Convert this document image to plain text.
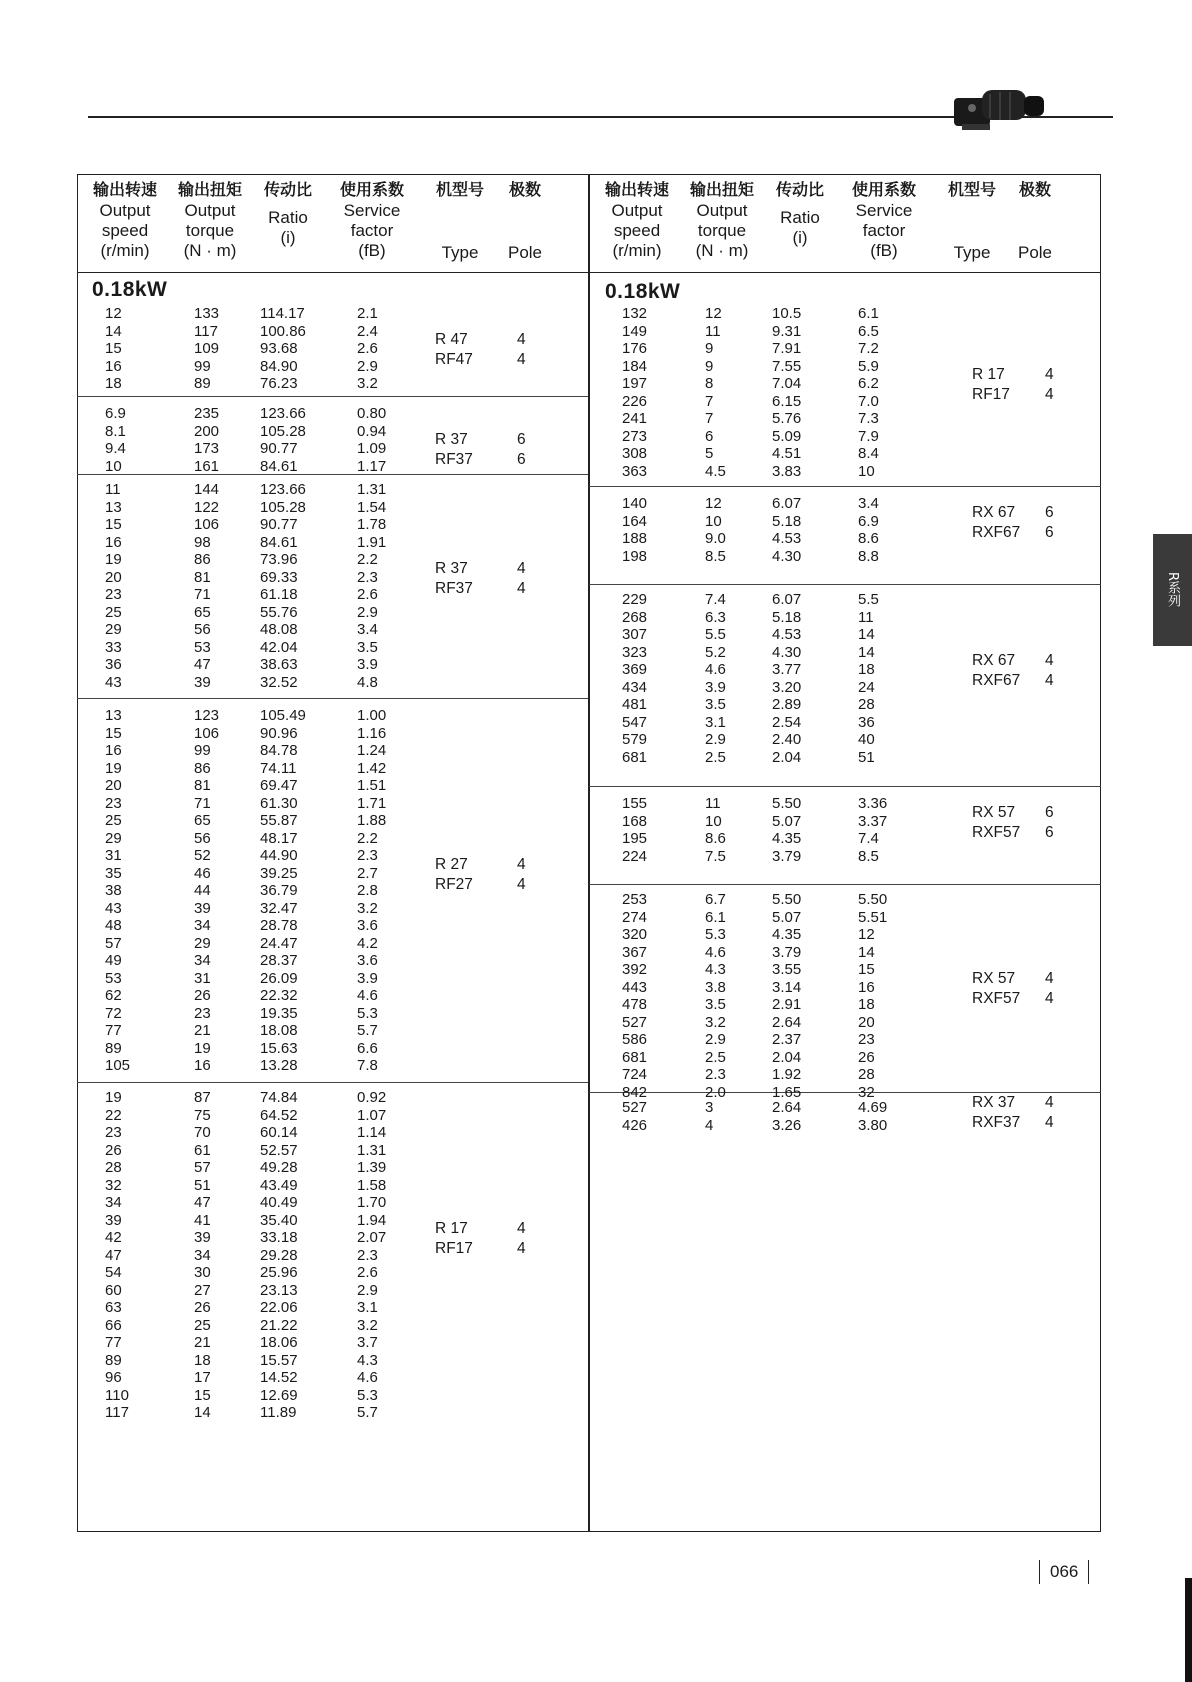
R系列
输出转速
Output
speed
(r/min)
输出扭矩
Output
torque
(N · m)
传动比
Ratio
(i)
使用系数
Service
factor
(fB)
机型号
Type
极数
Pole
0.18kW
12	133	114.17	2.1
14	117	100.86	2.4
15	109	93.68	2.6
16	99	84.90	2.9
18	89	76.23	3.2
R 47	4
RF47	4
6.9	235	123.66	0.80
8.1	200	105.28	0.94
9.4	173	90.77	1.09
10	161	84.61	1.17
R 37	6
RF37	6
11	144	123.66	1.31
13	122	105.28	1.54
15	106	90.77	1.78
16	98	84.61	1.91
19	86	73.96	2.2
20	81	69.33	2.3
23	71	61.18	2.6
25	65	55.76	2.9
29	56	48.08	3.4
33	53	42.04	3.5
36	47	38.63	3.9
43	39	32.52	4.8
R 37	4
RF37	4
13	123	105.49	1.00
15	106	90.96	1.16
16	99	84.78	1.24
19	86	74.11	1.42
20	81	69.47	1.51
23	71	61.30	1.71
25	65	55.87	1.88
29	56	48.17	2.2
31	52	44.90	2.3
35	46	39.25	2.7
38	44	36.79	2.8
43	39	32.47	3.2
48	34	28.78	3.6
57	29	24.47	4.2
49	34	28.37	3.6
53	31	26.09	3.9
62	26	22.32	4.6
72	23	19.35	5.3
77	21	18.08	5.7
89	19	15.63	6.6
105	16	13.28	7.8
R 27	4
RF27	4
19	87	74.84	0.92
22	75	64.52	1.07
23	70	60.14	1.14
26	61	52.57	1.31
28	57	49.28	1.39
32	51	43.49	1.58
34	47	40.49	1.70
39	41	35.40	1.94
42	39	33.18	2.07
47	34	29.28	2.3
54	30	25.96	2.6
60	27	23.13	2.9
63	26	22.06	3.1
66	25	21.22	3.2
77	21	18.06	3.7
89	18	15.57	4.3
96	17	14.52	4.6
110	15	12.69	5.3
117	14	11.89	5.7
R 17	4
RF17	4
输出转速
Output
speed
(r/min)
输出扭矩
Output
torque
(N · m)
传动比
Ratio
(i)
使用系数
Service
factor
(fB)
机型号
Type
极数
Pole
0.18kW
132	12	10.5	6.1
149	11	9.31	6.5
176	9	7.91	7.2
184	9	7.55	5.9
197	8	7.04	6.2
226	7	6.15	7.0
241	7	5.76	7.3
273	6	5.09	7.9
308	5	4.51	8.4
363	4.5	3.83	10
R 17	4
RF17 4
140	12	6.07	3.4
164	10	5.18	6.9
188	9.0	4.53	8.6
198	8.5	4.30	8.8
RX 67 6
RXF67 6
229	7.4	6.07	5.5
268	6.3	5.18	11
307	5.5	4.53	14
323	5.2	4.30	14
369	4.6	3.77	18
434	3.9	3.20	24
481	3.5	2.89	28
547	3.1	2.54	36
579	2.9	2.40	40
681	2.5	2.04	51
RX 67 4
RXF67 4
155	11	5.50	3.36
168	10	5.07	3.37
195	8.6	4.35	7.4
224	7.5	3.79	8.5
RX 57 6
RXF57 6
253	6.7	5.50	5.50
274	6.1	5.07	5.51
320	5.3	4.35	12
367	4.6	3.79	14
392	4.3	3.55	15
443	3.8	3.14	16
478	3.5	2.91	18
527	3.2	2.64	20
586	2.9	2.37	23
681	2.5	2.04	26
724	2.3	1.92	28
842	2.0	1.65	32
RX 57 4
RXF57 4
527	3	2.64	4.69
426	4	3.26	3.80
RX 37 4
RXF37 4
066
